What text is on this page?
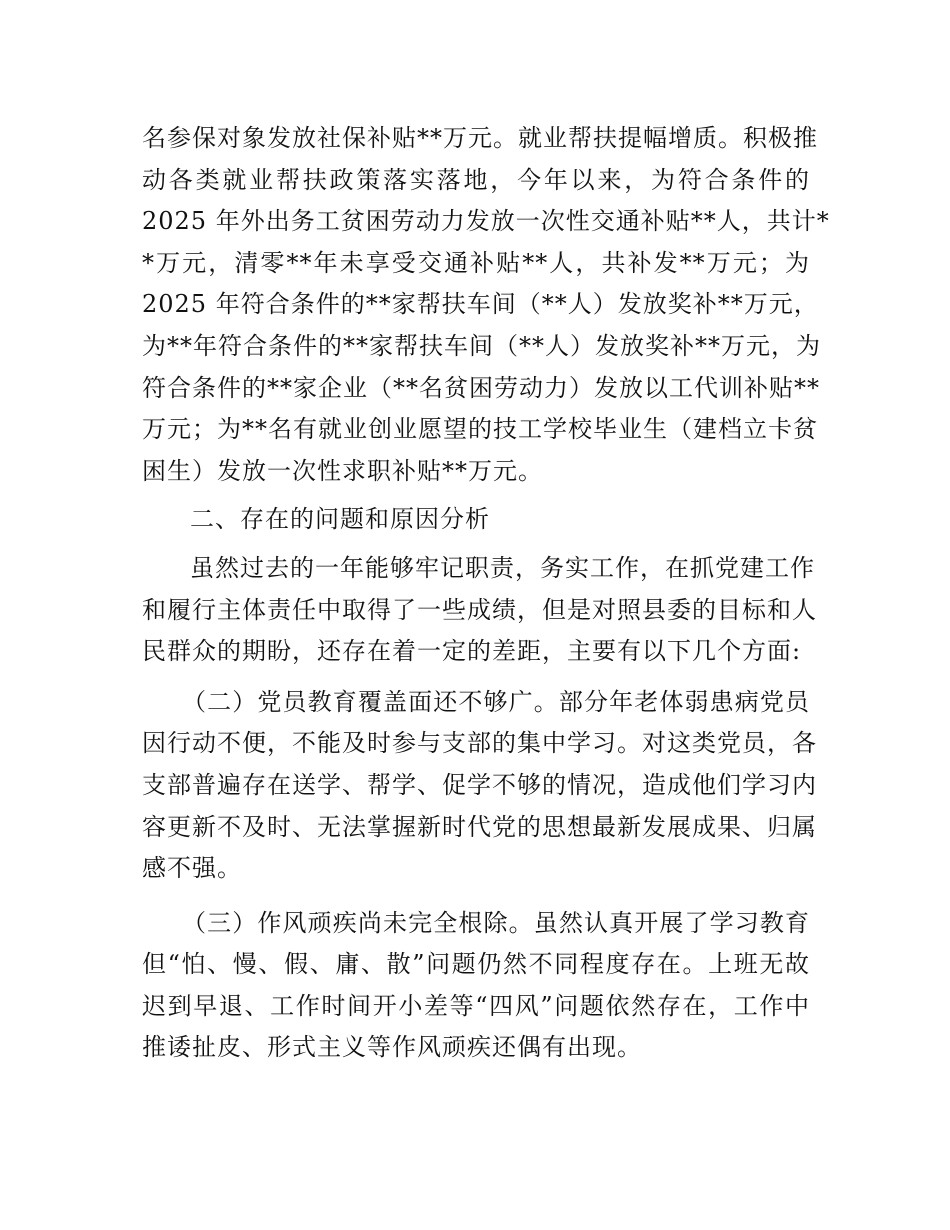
名参保对象发放社保补贴**万元。就业帮扶提幅增质。积极推
动各类就业帮扶政策落实落地，今年以来，为符合条件的
2025 年外出务工贫困劳动力发放一次性交通补贴**人，共计*
*万元，清零**年未享受交通补贴**人，共补发**万元；为
2025 年符合条件的**家帮扶车间（**人）发放奖补**万元，
为**年符合条件的**家帮扶车间（**人）发放奖补**万元，为
符合条件的**家企业（**名贫困劳动力）发放以工代训补贴**
万元；为**名有就业创业愿望的技工学校毕业生（建档立卡贫
困生）发放一次性求职补贴**万元。
二、存在的问题和原因分析
虽然过去的一年能够牢记职责，务实工作，在抓党建工作
和履行主体责任中取得了一些成绩，但是对照县委的目标和人
民群众的期盼，还存在着一定的差距，主要有以下几个方面:
（二）党员教育覆盖面还不够广。部分年老体弱患病党员
因行动不便，不能及时参与支部的集中学习。对这类党员，各
支部普遍存在送学、帮学、促学不够的情况，造成他们学习内
容更新不及时、无法掌握新时代党的思想最新发展成果、归属
感不强。
（三）作风顽疾尚未完全根除。虽然认真开展了学习教育
但“怕、慢、假、庸、散”问题仍然不同程度存在。上班无故
迟到早退、工作时间开小差等“四风”问题依然存在，工作中
推诿扯皮、形式主义等作风顽疾还偶有出现。
